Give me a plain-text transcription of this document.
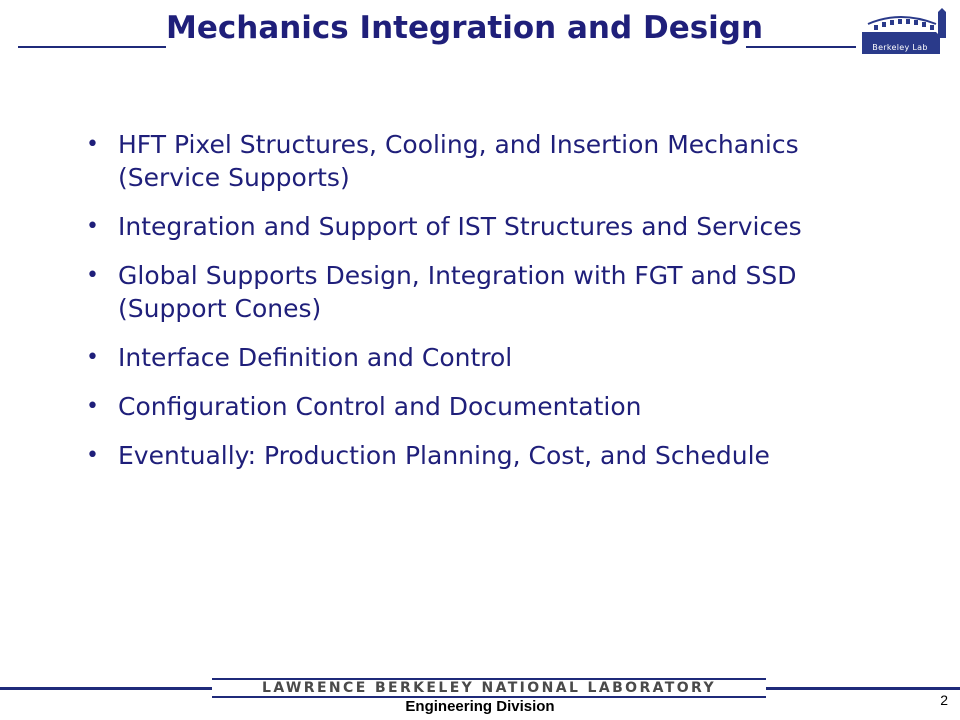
Mechanics Integration and Design
Berkeley Lab
• HFT Pixel Structures, Cooling, and Insertion Mechanics (Service Supports)
• Integration and Support of IST Structures and Services
• Global Supports Design, Integration with FGT and SSD (Support Cones)
• Interface Definition and Control
• Configuration Control and Documentation
• Eventually: Production Planning, Cost, and Schedule
LAWRENCE BERKELEY NATIONAL LABORATORY
Engineering Division	2
